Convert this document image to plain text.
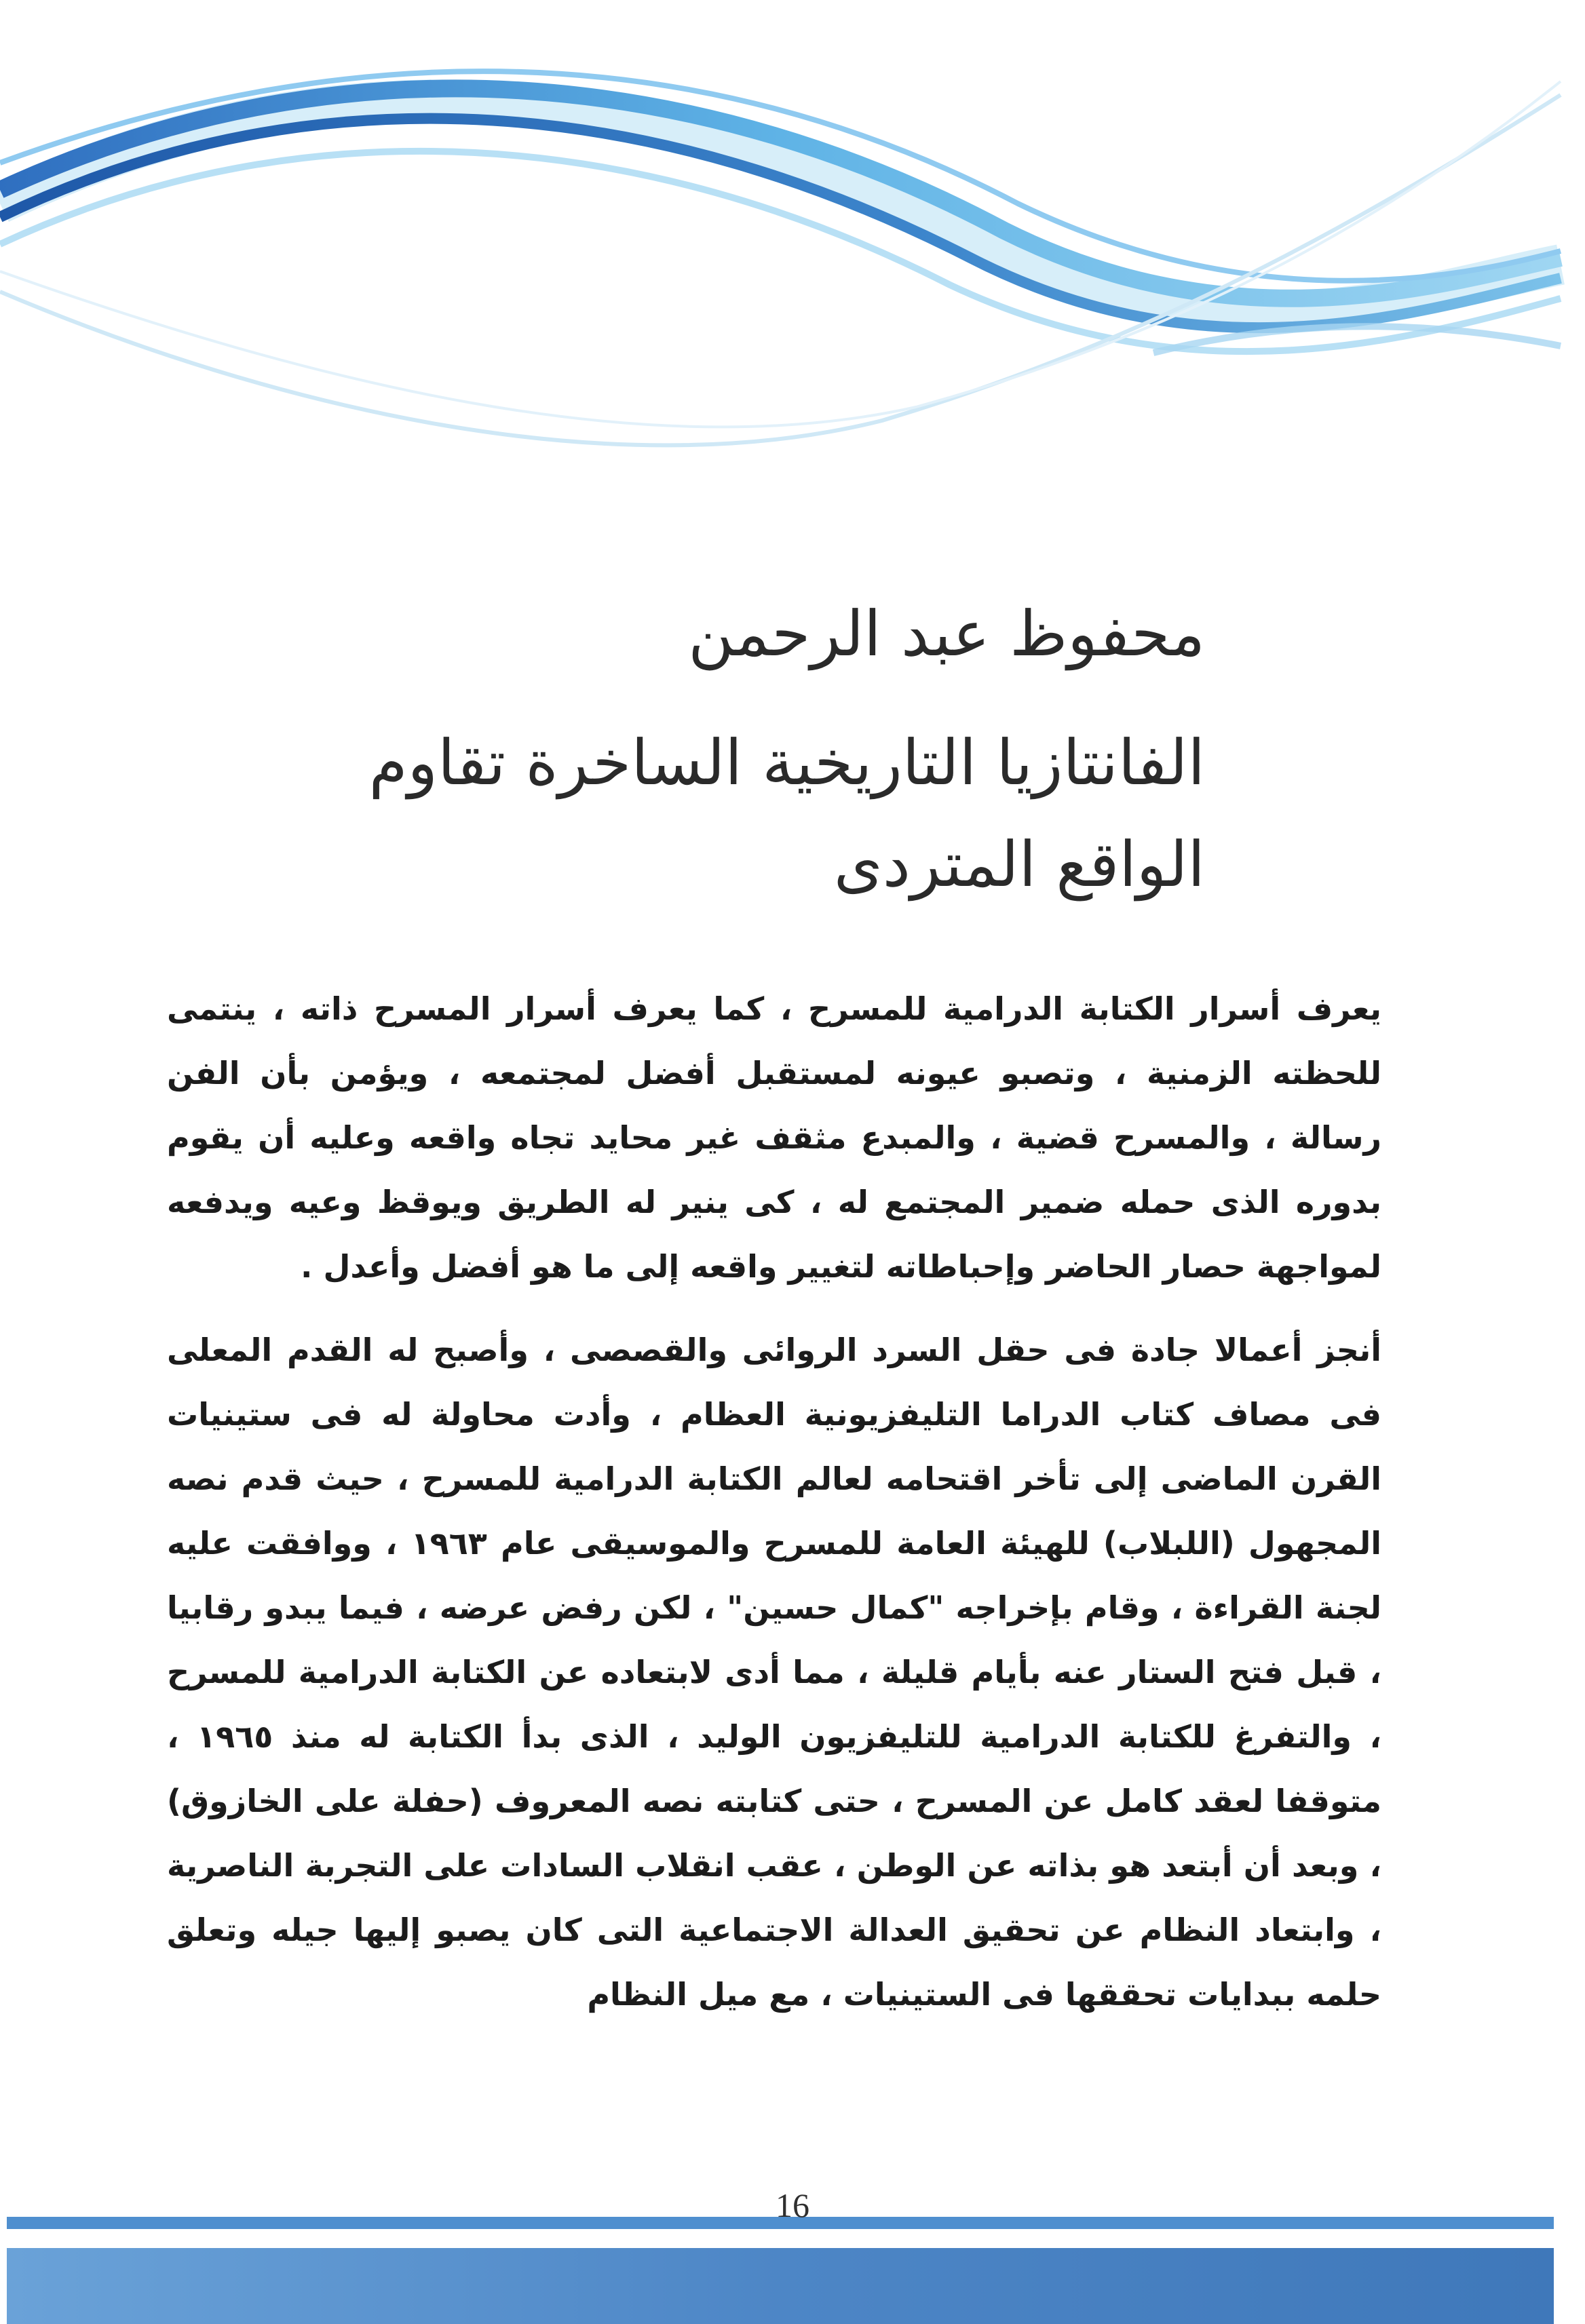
محفوظ عبد الرحمن
الفانتازيا التاريخية الساخرة تقاوم الواقع المتردى

يعرف أسرار الكتابة الدرامية للمسرح ، كما يعرف أسرار المسرح ذاته ، ينتمى للحظته الزمنية ، وتصبو عيونه لمستقبل أفضل لمجتمعه ، ويؤمن بأن الفن رسالة ، والمسرح قضية ، والمبدع مثقف غير محايد تجاه واقعه وعليه أن يقوم بدوره الذى حمله ضمير المجتمع له ، كى ينير له الطريق ويوقظ وعيه ويدفعه لمواجهة حصار الحاضر وإحباطاته لتغيير واقعه إلى ما هو أفضل وأعدل .

أنجز أعمالا جادة فى حقل السرد الروائى والقصصى ، وأصبح له القدم المعلى فى مصاف كتاب الدراما التليفزيونية العظام ، وأدت محاولة له فى ستينيات القرن الماضى إلى تأخر اقتحامه لعالم الكتابة الدرامية للمسرح ، حيث قدم نصه المجهول (اللبلاب) للهيئة العامة للمسرح والموسيقى عام ١٩٦٣ ، ووافقت عليه لجنة القراءة ، وقام بإخراجه "كمال حسين" ، لكن رفض عرضه ، فيما يبدو رقابيا ، قبل فتح الستار عنه بأيام قليلة ، مما أدى لابتعاده عن الكتابة الدرامية للمسرح ، والتفرغ للكتابة الدرامية للتليفزيون الوليد ، الذى بدأ الكتابة له منذ ١٩٦٥ ، متوقفا لعقد كامل عن المسرح ، حتى كتابته نصه المعروف (حفلة على الخازوق) ، وبعد أن أبتعد هو بذاته عن الوطن ، عقب انقلاب السادات على التجربة الناصرية ، وابتعاد النظام عن تحقيق العدالة الاجتماعية التى كان يصبو إليها جيله وتعلق حلمه ببدايات تحققها فى الستينيات ، مع ميل النظام

16
